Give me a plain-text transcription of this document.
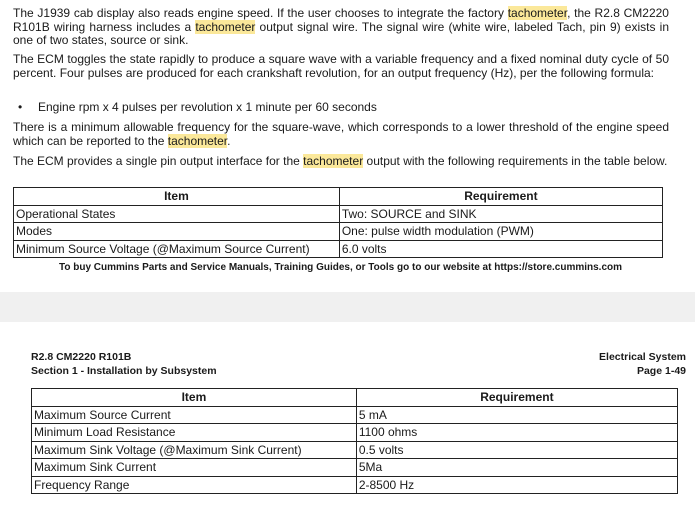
The J1939 cab display also reads engine speed. If the user chooses to integrate the factory tachometer, the R2.8 CM2220 R101B wiring harness includes a tachometer output signal wire. The signal wire (white wire, labeled Tach, pin 9) exists in one of two states, source or sink.

The ECM toggles the state rapidly to produce a square wave with a variable frequency and a fixed nominal duty cycle of 50 percent. Four pulses are produced for each crankshaft revolution, for an output frequency (Hz), per the following formula:

• Engine rpm x 4 pulses per revolution x 1 minute per 60 seconds

There is a minimum allowable frequency for the square-wave, which corresponds to a lower threshold of the engine speed which can be reported to the tachometer.

The ECM provides a single pin output interface for the tachometer output with the following requirements in the table below.

Item	Requirement
Operational States	Two: SOURCE and SINK
Modes	One: pulse width modulation (PWM)
Minimum Source Voltage (@Maximum Source Current)	6.0 volts
To buy Cummins Parts and Service Manuals, Training Guides, or Tools go to our website at https://store.cummins.com
R2.8 CM2220 R101B
Section 1 - Installation by Subsystem
Electrical System
Page 1-49
Item	Requirement
Maximum Source Current	5 mA
Minimum Load Resistance	1100 ohms
Maximum Sink Voltage (@Maximum Sink Current)	0.5 volts
Maximum Sink Current	5Ma
Frequency Range	2-8500 Hz
